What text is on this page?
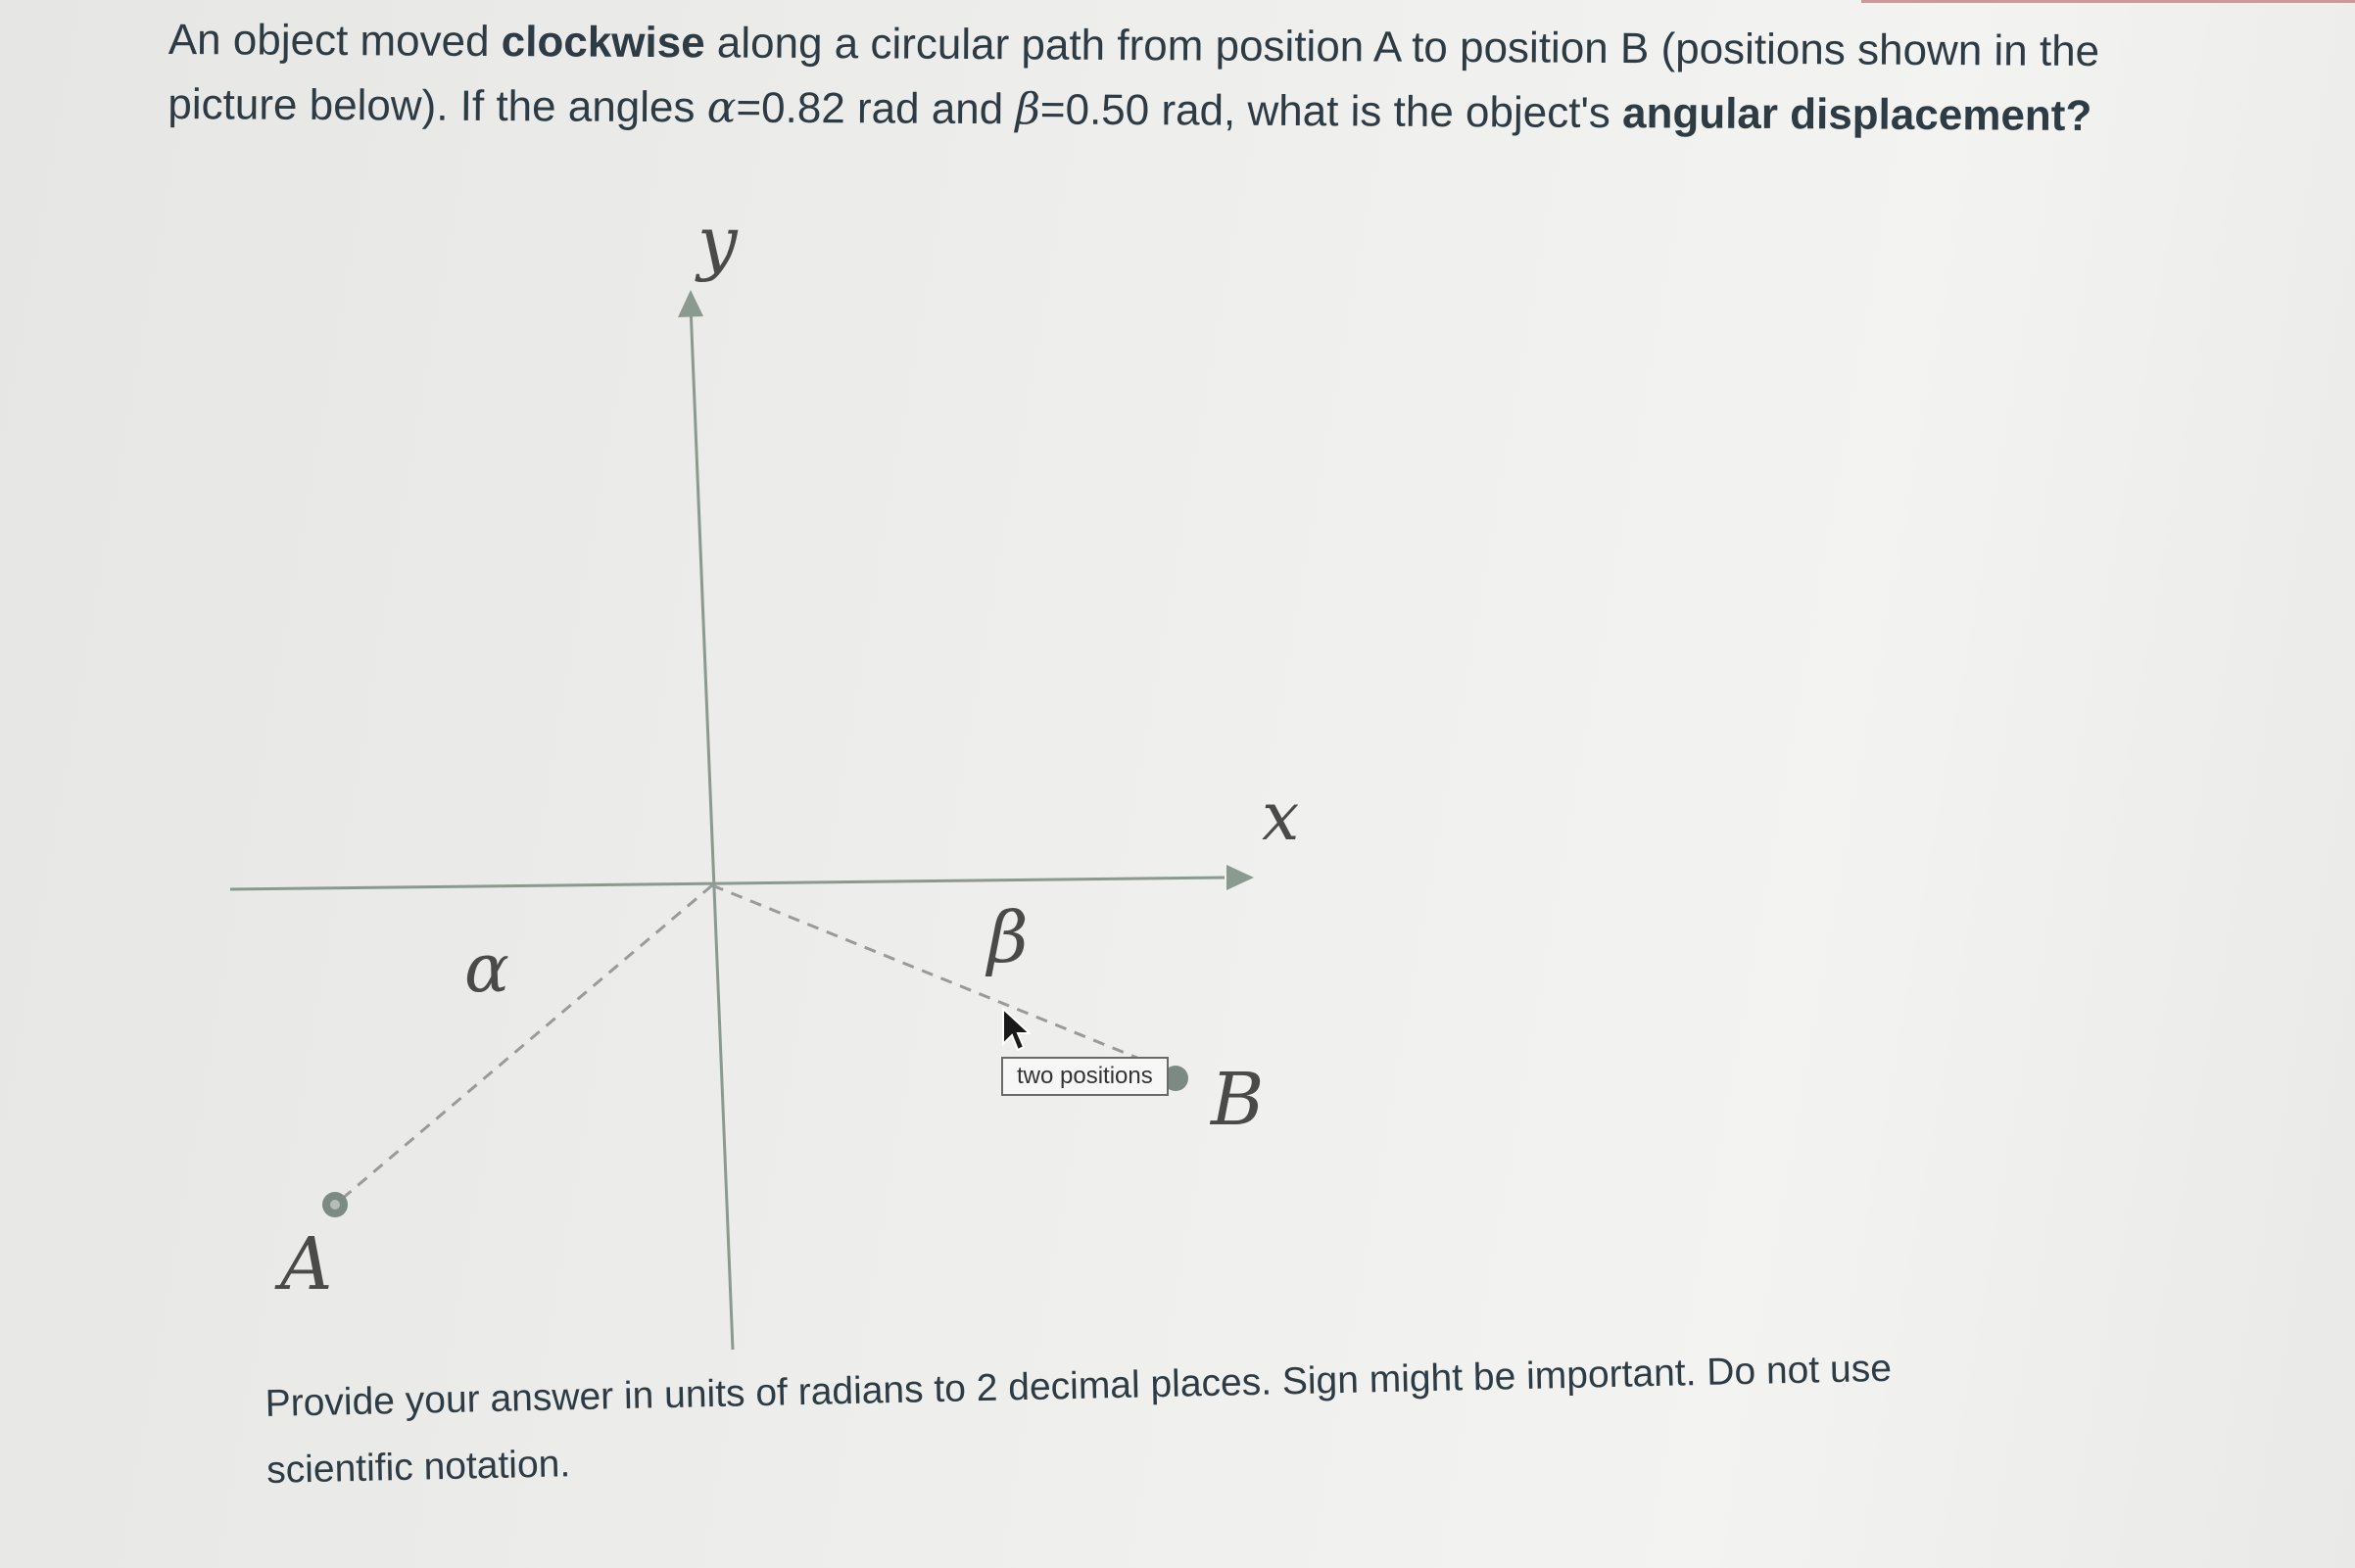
An object moved clockwise along a circular path from position A to position B (positions shown in the picture below). If the angles α=0.82 rad and β=0.50 rad, what is the object's angular displacement?
y
x
α	β
A
B
two positions
Provide your answer in units of radians to 2 decimal places. Sign might be important. Do not use
scientific notation.
